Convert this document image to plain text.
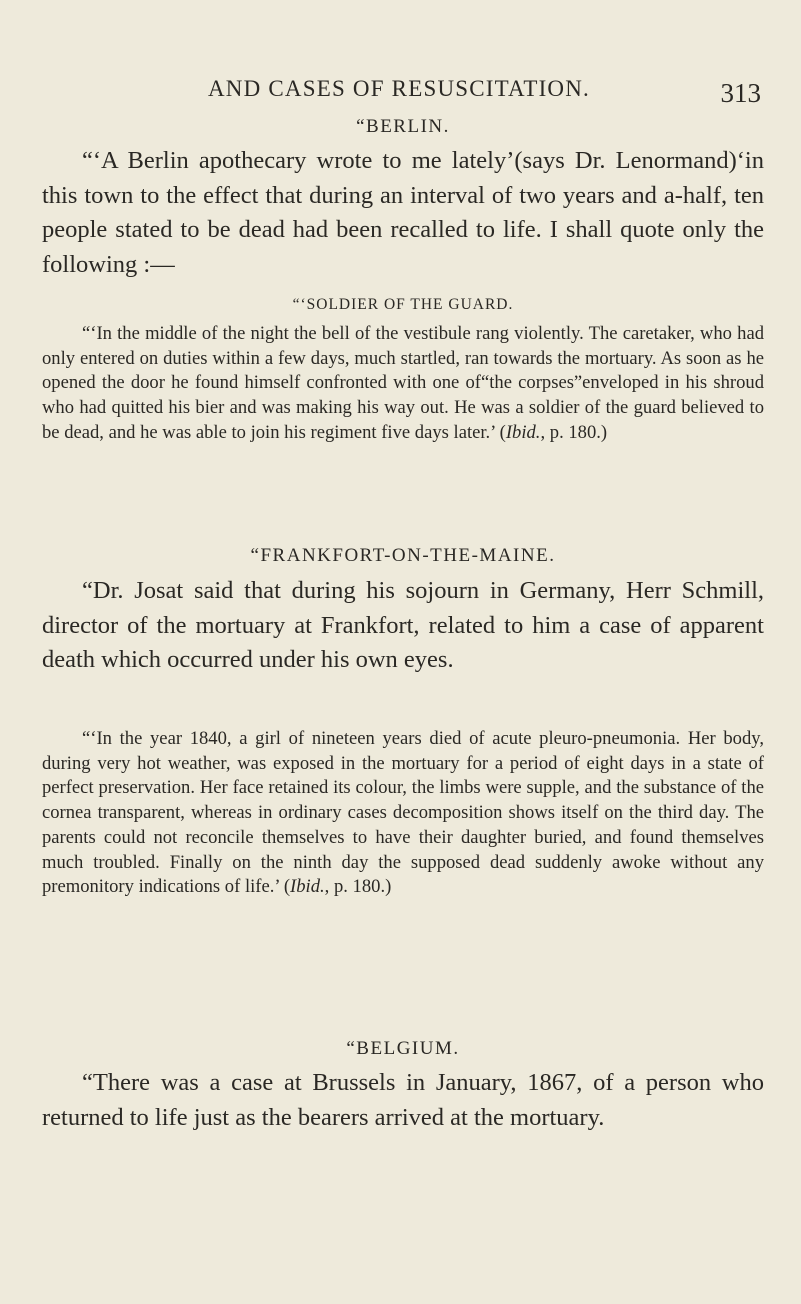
AND CASES OF RESUSCITATION.	313
“BERLIN.

“‘A Berlin apothecary wrote to me lately’(says Dr. Lenormand)‘in this town to the effect that during an interval of two years and a-half, ten people stated to be dead had been recalled to life. I shall quote only the following :—

“‘SOLDIER OF THE GUARD.

“‘In the middle of the night the bell of the vestibule rang violently. The caretaker, who had only entered on duties within a few days, much startled, ran towards the mortuary. As soon as he opened the door he found himself confronted with one of“the corpses”enveloped in his shroud who had quitted his bier and was making his way out. He was a soldier of the guard believed to be dead, and he was able to join his regiment five days later.’ (Ibid., p. 180.)

“FRANKFORT-ON-THE-MAINE.

“Dr. Josat said that during his sojourn in Germany, Herr Schmill, director of the mortuary at Frankfort, related to him a case of apparent death which occurred under his own eyes.

“‘In the year 1840, a girl of nineteen years died of acute pleuro-pneumonia. Her body, during very hot weather, was exposed in the mortuary for a period of eight days in a state of perfect preservation. Her face retained its colour, the limbs were supple, and the substance of the cornea transparent, whereas in ordinary cases decomposition shows itself on the third day. The parents could not reconcile themselves to have their daughter buried, and found themselves much troubled. Finally on the ninth day the supposed dead suddenly awoke without any premonitory indications of life.’ (Ibid., p. 180.)

“BELGIUM.

“There was a case at Brussels in January, 1867, of a person who returned to life just as the bearers arrived at the mortuary.
